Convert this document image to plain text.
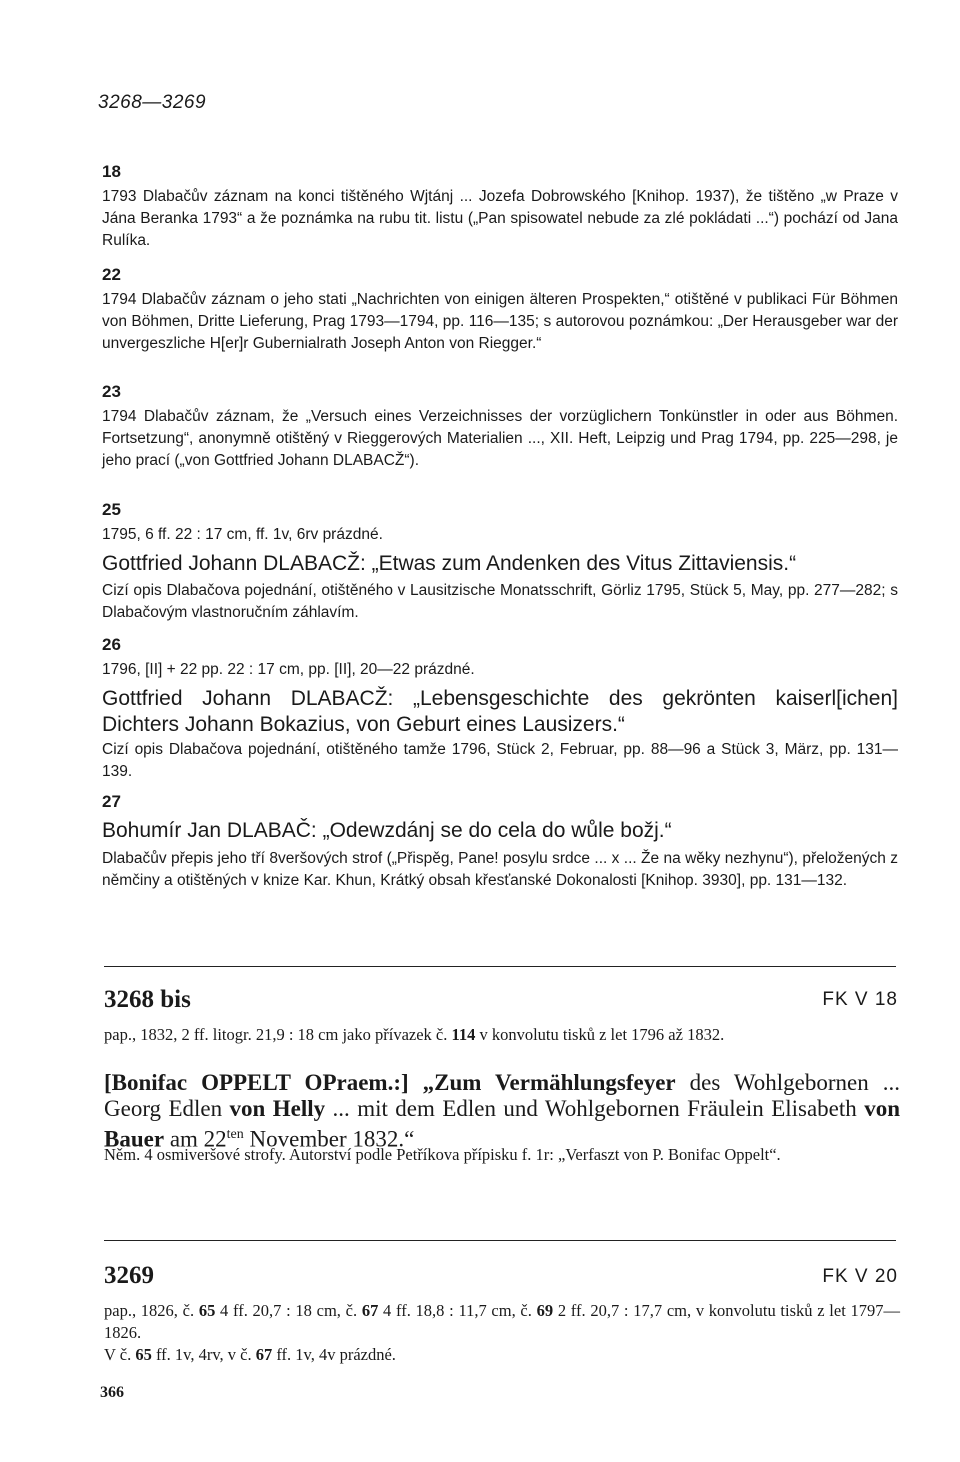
3268—3269
18

1793 Dlabačův záznam na konci tištěného Wjtánj ... Jozefa Dobrowského [Knihop. 1937), že tištěno „w Praze v Jána Beranka 1793“ a že poznámka na rubu tit. listu („Pan spisowatel nebude za zlé pokládati ...“) pochází od Jana Rulíka.

22

1794 Dlabačův záznam o jeho stati „Nachrichten von einigen älteren Prospekten,“ otištěné v publikaci Für Böhmen von Böhmen, Dritte Lieferung, Prag 1793—1794, pp. 116—135; s autorovou poznámkou: „Der Herausgeber war der unvergeszliche H[er]r Gubernialrath Joseph Anton von Riegger.“

23

1794 Dlabačův záznam, že „Versuch eines Verzeichnisses der vorzüglichern Tonkünstler in oder aus Böhmen. Fortsetzung“, anonymně otištěný v Rieggerových Materialien ..., XII. Heft, Leipzig und Prag 1794, pp. 225—298, je jeho prací („von Gottfried Johann DLABACŽ“).

25

1795, 6 ff. 22 : 17 cm, ff. 1v, 6rv prázdné.

Gottfried Johann DLABACŽ: „Etwas zum Andenken des Vitus Zittaviensis.“

Cizí opis Dlabačova pojednání, otištěného v Lausitzische Monatsschrift, Görliz 1795, Stück 5, May, pp. 277—282; s Dlabačovým vlastnoručním záhlavím.

26

1796, [II] + 22 pp. 22 : 17 cm, pp. [II], 20—22 prázdné.

Gottfried Johann DLABACŽ: „Lebensgeschichte des gekrönten kaiserl[ichen] Dichters Johann Bokazius, von Geburt eines Lausizers.“

Cizí opis Dlabačova pojednání, otištěného tamže 1796, Stück 2, Februar, pp. 88—96 a Stück 3, März, pp. 131—139.

27

Bohumír Jan DLABAČ: „Odewzdánj se do cela do wůle božj.“

Dlabačův přepis jeho tří 8veršových strof („Přispěg, Pane! posylu srdce ... x ... Že na wěky nezhynu“), přeložených z němčiny a otištěných v knize Kar. Khun, Krátký obsah křesťanské Dokonalosti [Knihop. 3930], pp. 131—132.

3268 bis	FK V 18

pap., 1832, 2 ff. litogr. 21,9 : 18 cm jako přívazek č. 114 v konvolutu tisků z let 1796 až 1832.

[Bonifac OPPELT OPraem.:] „Zum Vermählungsfeyer des Wohlgebornen ... Georg Edlen von Helly ... mit dem Edlen und Wohlgebornen Fräulein Elisabeth von Bauer am $22^{ten}$ November 1832.“

Něm. 4 osmiveršové strofy. Autorství podle Petříkova přípisku f. 1r: „Verfaszt von P. Bonifac Oppelt“.

3269	FK V 20

pap., 1826, č. 65 4 ff. 20,7 : 18 cm, č. 67 4 ff. 18,8 : 11,7 cm, č. 69 2 ff. 20,7 : 17,7 cm, v konvolutu tisků z let 1797—1826.

V č. 65 ff. 1v, 4rv, v č. 67 ff. 1v, 4v prázdné.

366
